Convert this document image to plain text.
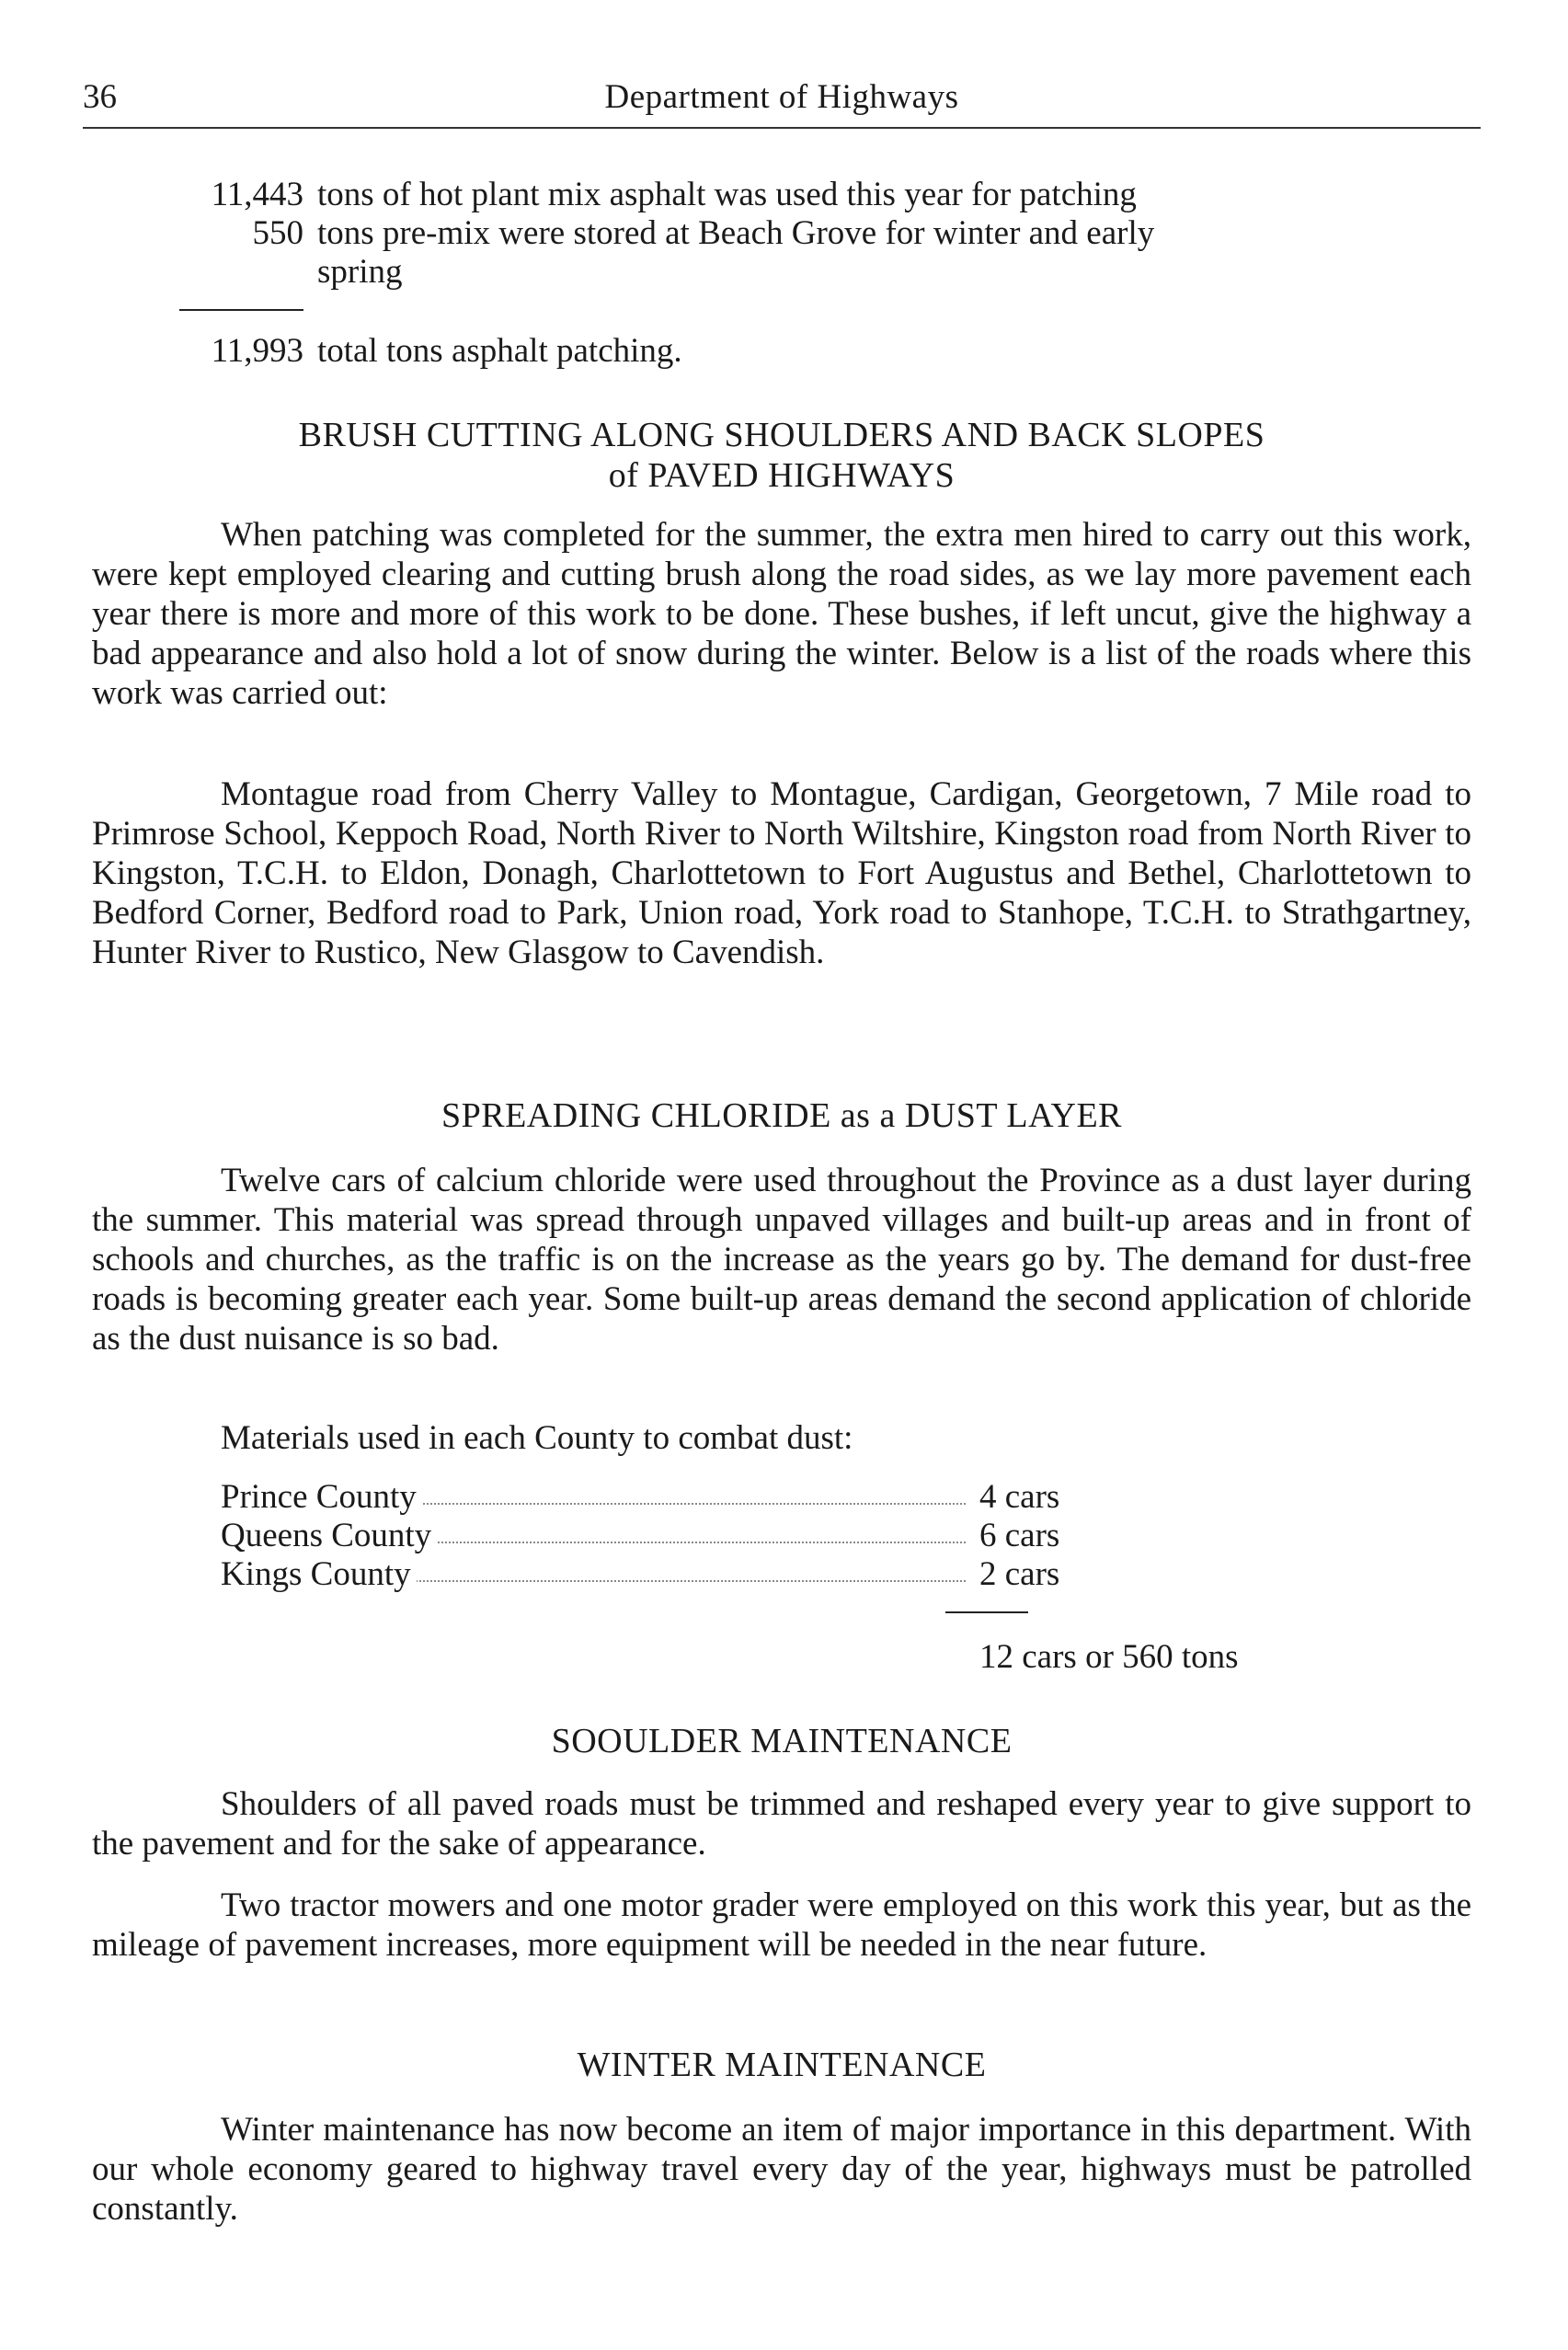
36	Department of Highways
11,443 tons of hot plant mix asphalt was used this year for patching
550 tons pre-mix were stored at Beach Grove for winter and early
spring
11,993 total tons asphalt patching.
BRUSH CUTTING ALONG SHOULDERS AND BACK SLOPES
of PAVED HIGHWAYS
When patching was completed for the summer, the extra men hired to carry out this work, were kept employed clearing and cutting brush along the road sides, as we lay more pavement each year there is more and more of this work to be done. These bushes, if left uncut, give the highway a bad appearance and also hold a lot of snow during the winter. Below is a list of the roads where this work was carried out:
Montague road from Cherry Valley to Montague, Cardigan, Georgetown, 7 Mile road to Primrose School, Keppoch Road, North River to North Wiltshire, Kingston road from North River to Kingston, T.C.H. to Eldon, Donagh, Charlottetown to Fort Augustus and Bethel, Charlottetown to Bedford Corner, Bedford road to Park, Union road, York road to Stanhope, T.C.H. to Strathgartney, Hunter River to Rustico, New Glasgow to Cavendish.
SPREADING CHLORIDE as a DUST LAYER
Twelve cars of calcium chloride were used throughout the Province as a dust layer during the summer. This material was spread through unpaved villages and built-up areas and in front of schools and churches, as the traffic is on the increase as the years go by. The demand for dust-free roads is becoming greater each year. Some built-up areas demand the second application of chloride as the dust nuisance is so bad.
Materials used in each County to combat dust:
Prince County	4 cars
Queens County	6 cars
Kings County	2 cars
12 cars or 560 tons
SOOULDER MAINTENANCE
Shoulders of all paved roads must be trimmed and reshaped every year to give support to the pavement and for the sake of appearance.
Two tractor mowers and one motor grader were employed on this work this year, but as the mileage of pavement increases, more equipment will be needed in the near future.
WINTER MAINTENANCE
Winter maintenance has now become an item of major importance in this department. With our whole economy geared to highway travel every day of the year, highways must be patrolled constantly.
